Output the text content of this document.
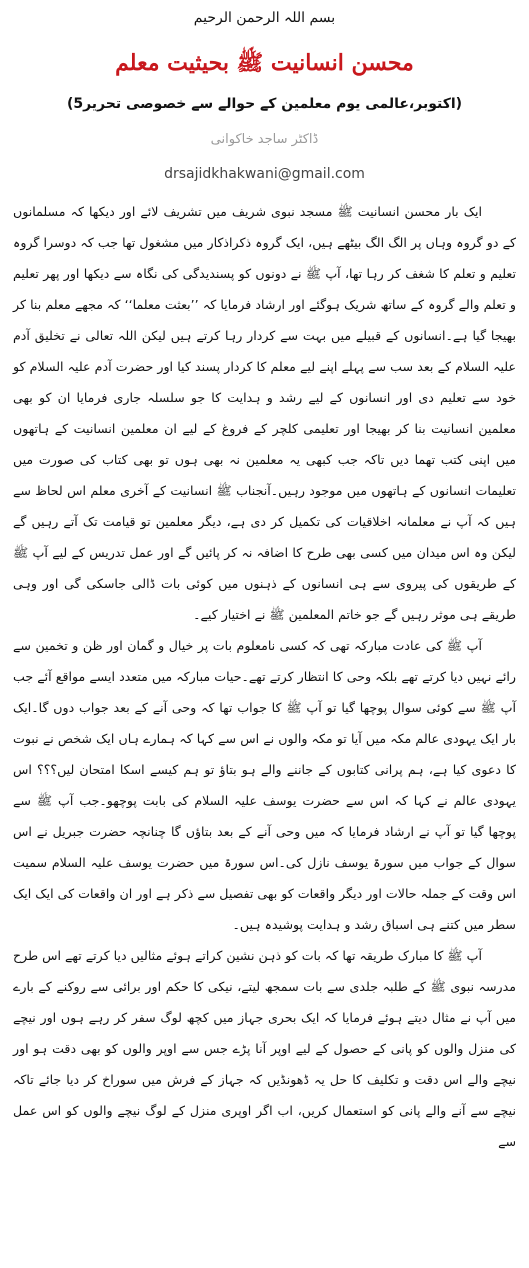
بسم اللہ الرحمن الرحیم
محسن انسانیت ﷺ بحیثیت معلم
(5اکتوبر،عالمی یوم معلمین کے حوالے سے خصوصی تحریر)
ڈاکٹر ساجد خاکوانی
drsajidkhakwani@gmail.com

ایک بار محسن انسانیت ﷺ مسجد نبوی شریف میں تشریف لائے اور دیکھا کہ مسلمانوں کے دو گروہ وہاں پر الگ الگ بیٹھے ہیں، ایک گروہ ذکراذکار میں مشغول تھا جب کہ دوسرا گروہ تعلیم و تعلم کا شغف کر رہا تھا، آپ ﷺ نے دونوں کو پسندیدگی کی نگاہ سے دیکھا اور پھر تعلیم و تعلم والے گروہ کے ساتھ شریک ہوگئے اور ارشاد فرمایا کہ ’’بعثت معلما‘‘ کہ مجھے معلم بنا کر بھیجا گیا ہے۔انسانوں کے قبیلے میں بہت سے کردار رہا کرتے ہیں لیکن اللہ تعالی نے تخلیق آدم علیہ السلام کے بعد سب سے پہلے اپنے لیے معلم کا کردار پسند کیا اور حضرت آدم علیہ السلام کو خود سے تعلیم دی اور انسانوں کے لیے رشد و ہدایت کا جو سلسلہ جاری فرمایا ان کو بھی معلمین انسانیت بنا کر بھیجا اور تعلیمی کلچر کے فروغ کے لیے ان معلمین انسانیت کے ہاتھوں میں اپنی کتب تھما دیں تاکہ جب کبھی یہ معلمین نہ بھی ہوں تو بھی کتاب کی صورت میں تعلیمات انسانوں کے ہاتھوں میں موجود رہیں۔آنجناب ﷺ انسانیت کے آخری معلم اس لحاظ سے ہیں کہ آپ نے معلمانہ اخلاقیات کی تکمیل کر دی ہے، دیگر معلمین تو قیامت تک آتے رہیں گے لیکن وہ اس میدان میں کسی بھی طرح کا اضافہ نہ کر پائیں گے اور عمل تدریس کے لیے آپ ﷺ کے طریقوں کی پیروی سے ہی انسانوں کے ذہنوں میں کوئی بات ڈالی جاسکی گی اور وہی طریقے ہی موثر رہیں گے جو خاتم المعلمین ﷺ نے اختیار کیے۔

آپ ﷺ کی عادت مبارکہ تھی کہ کسی نامعلوم بات پر خیال و گمان اور ظن و تخمین سے رائے نہیں دیا کرتے تھے بلکہ وحی کا انتظار کرتے تھے۔حیات مبارکہ میں متعدد ایسے مواقع آئے جب آپ ﷺ سے کوئی سوال پوچھا گیا تو آپ ﷺ کا جواب تھا کہ وحی آنے کے بعد جواب دوں گا۔ایک بار ایک یہودی عالم مکہ میں آیا تو مکہ والوں نے اس سے کہا کہ ہمارے ہاں ایک شخص نے نبوت کا دعوی کیا ہے، ہم پرانی کتابوں کے جاننے والے ہو بتاؤ تو ہم کیسے اسکا امتحان لیں؟؟؟ اس یہودی عالم نے کہا کہ اس سے حضرت یوسف علیہ السلام کی بابت پوچھو۔جب آپ ﷺ سے پوچھا گیا تو آپ نے ارشاد فرمایا کہ میں وحی آنے کے بعد بتاؤں گا چنانچہ حضرت جبریل نے اس سوال کے جواب میں سورۃ یوسف نازل کی۔اس سورۃ میں حضرت یوسف علیہ السلام سمیت اس وقت کے جملہ حالات اور دیگر واقعات کو بھی تفصیل سے ذکر ہے اور ان واقعات کی ایک ایک سطر میں کتنے ہی اسباق رشد و ہدایت پوشیدہ ہیں۔

آپ ﷺ کا مبارک طریقہ تھا کہ بات کو ذہن نشین کراتے ہوئے مثالیں دیا کرتے تھے اس طرح مدرسہ نبوی ﷺ کے طلبہ جلدی سے بات سمجھ لیتے، نیکی کا حکم اور برائی سے روکنے کے بارے میں آپ نے مثال دیتے ہوئے فرمایا کہ ایک بحری جہاز میں کچھ لوگ سفر کر رہے ہوں اور نیچے کی منزل والوں کو پانی کے حصول کے لیے اوپر آنا پڑے جس سے اوپر والوں کو بھی دقت ہو اور نیچے والے اس دقت و تکلیف کا حل یہ ڈھونڈیں کہ جہاز کے فرش میں سوراخ کر دیا جائے تاکہ نیچے سے آنے والے پانی کو استعمال کریں، اب اگر اوپری منزل کے لوگ نیچے والوں کو اس عمل سے
